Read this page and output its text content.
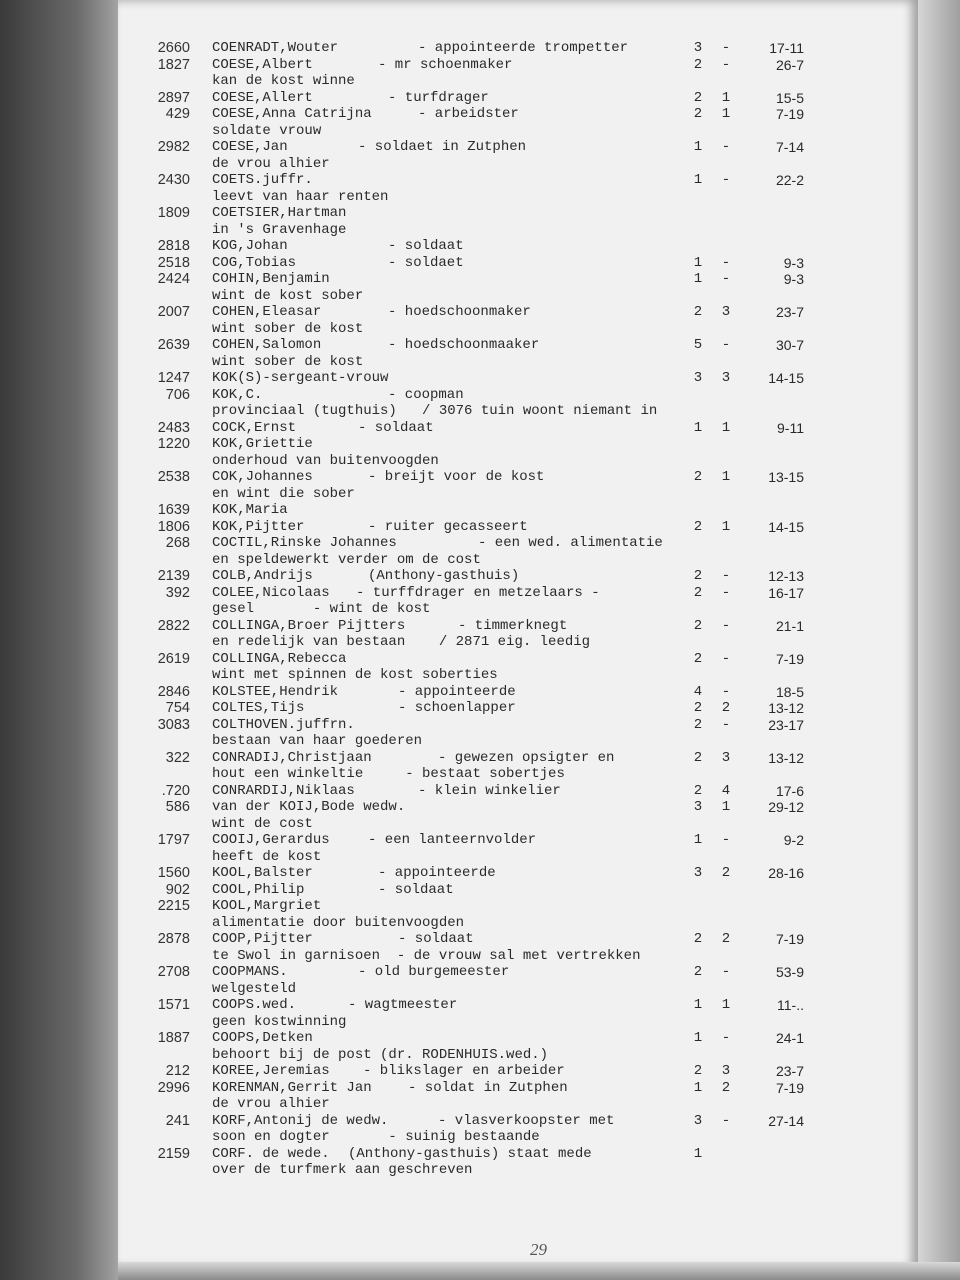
2660 COENRADT,Wouter	- appointeerde trompetter	3 -	17-11
1827 COESE,Albert	- mr schoenmaker	2 -	26-7
kan de kost winne
2897 COESE,Allert	- turfdrager	2 1	15-5
429 COESE,Anna Catrijna	- arbeidster	2 1	7-19
soldate vrouw
2982 COESE,Jan	- soldaet in Zutphen	1 -	7-14
de vrou alhier
2430 COETS.juffr.	1 -	22-2
leevt van haar renten
1809 COETSIER,Hartman
in 's Gravenhage
2818 KOG,Johan	- soldaat
2518 COG,Tobias	- soldaet	1 -	9-3
2424 COHIN,Benjamin	1 -	9-3
wint de kost sober
2007 COHEN,Eleasar	- hoedschoonmaker	2 3	23-7
wint sober de kost
2639 COHEN,Salomon	- hoedschoonmaaker	5 -	30-7
wint sober de kost
1247 KOK(S)-sergeant-vrouw	3 3	14-15
706 KOK,C.	- coopman
provinciaal (tugthuis)   / 3076 tuin woont niemant in
2483 COCK,Ernst	- soldaat	1 1	9-11
1220 KOK,Griettie
onderhoud van buitenvoogden
2538 COK,Johannes	- breijt voor de kost	2 1	13-15
en wint die sober
1639 KOK,Maria
1806 KOK,Pijtter	- ruiter gecasseert	2 1	14-15
268 COCTIL,Rinske Johannes	- een wed. alimentatie
en speldewerkt verder om de cost
2139 COLB,Andrijs	(Anthony-gasthuis)	2 -	12-13
392 COLEE,Nicolaas - turffdrager en metzelaars -	2 -	16-17
gesel       - wint de kost
2822 COLLINGA,Broer Pijtters	- timmerknegt	2 -	21-1
en redelijk van bestaan    / 2871 eig. leedig
2619 COLLINGA,Rebecca	2 -	7-19
wint met spinnen de kost soberties
2846 KOLSTEE,Hendrik	- appointeerde	4 -	18-5
754 COLTES,Tijs	- schoenlapper	2 2	13-12
3083 COLTHOVEN.juffrn.	2 -	23-17
bestaan van haar goederen
322 CONRADIJ,Christjaan	- gewezen opsigter en	2 3	13-12
hout een winkeltie     - bestaat sobertjes
.720 CONRARDIJ,Niklaas	- klein winkelier	2 4	17-6
586 van der KOIJ,Bode wedw.	3 1	29-12
wint de cost
1797 COOIJ,Gerardus	- een lanteernvolder	1 -	9-2
heeft de kost
1560 KOOL,Balster	- appointeerde	3 2	28-16
902 COOL,Philip	- soldaat
2215 KOOL,Margriet
alimentatie door buitenvoogden
2878 COOP,Pijtter	- soldaat	2 2	7-19
te Swol in garnisoen  - de vrouw sal met vertrekken
2708 COOPMANS.	- old burgemeester	2 -	53-9
welgesteld
1571 COOPS.wed.	- wagtmeester	1 1	11-..
geen kostwinning
1887 COOPS,Detken	1 -	24-1
behoort bij de post (dr. RODENHUIS.wed.)
212 KOREE,Jeremias - blikslager en arbeider	2 3	23-7
2996 KORENMAN,Gerrit Jan	- soldat in Zutphen	1 2	7-19
de vrou alhier
241 KORF,Antonij de wedw.	- vlasverkoopster met	3 -	27-14
soon en dogter       - suinig bestaande
2159 CORF. de wede. (Anthony-gasthuis) staat mede	1
over de turfmerk aan geschreven
29
